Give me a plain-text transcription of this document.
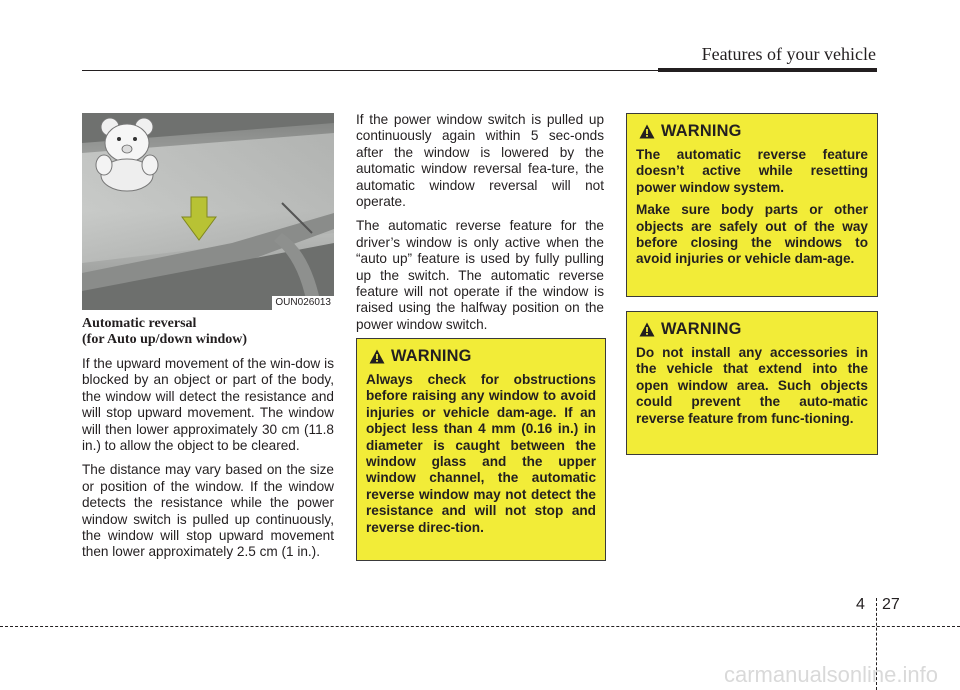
Features of your vehicle
OUN026013
Automatic reversal
(for Auto up/down window)

If the upward movement of the win-dow is blocked by an object or part of the body, the window will detect the resistance and will stop upward movement. The window will then lower approximately 30 cm (11.8 in.) to allow the object to be cleared.

The distance may vary based on the size or position of the window. If the window detects the resistance while the power window switch is pulled up continuously, the window will stop upward movement then lower approximately 2.5 cm (1 in.).

If the power window switch is pulled up continuously again within 5 sec-onds after the window is lowered by the automatic window reversal fea-ture, the automatic window reversal will not operate.

The automatic reverse feature for the driver’s window is only active when the “auto up” feature is used by fully pulling up the switch. The automatic reverse feature will not operate if the window is raised using the halfway position on the power window switch.

WARNING

Always check for obstructions before raising any window to avoid injuries or vehicle dam-age. If an object less than 4 mm (0.16 in.) in diameter is caught between the window glass and the upper window channel, the automatic reverse window may not detect the resistance and will not stop and reverse direc-tion.

WARNING

The automatic reverse feature doesn’t active while resetting power window system.

Make sure body parts or other objects are safely out of the way before closing the windows to avoid injuries or vehicle dam-age.

WARNING

Do not install any accessories in the vehicle that extend into the open window area. Such objects could prevent the auto-matic reverse feature from func-tioning.

4 27
carmanualsonline.info
